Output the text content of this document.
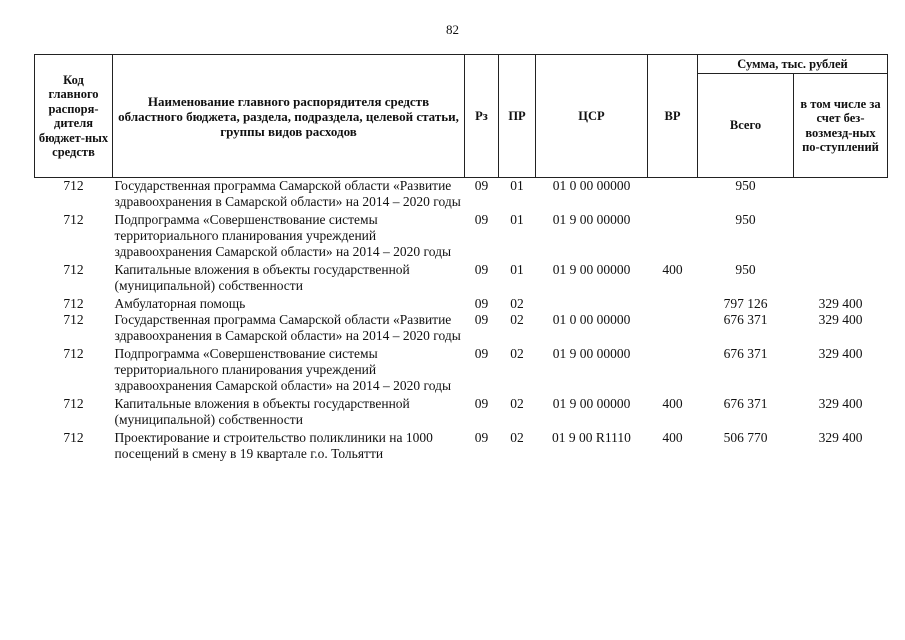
82
Код главного распоря-дителя бюджет-ных средств	Наименование главного распорядителя средств областного бюджета, раздела, подраздела, целевой статьи, группы видов расходов	Рз	ПР	ЦСР	ВР	Сумма, тыс. рублей	
						Всего	в том числе за счет без-возмезд-ных по-ступлений
712	Государственная программа Самарской области «Развитие здравоохранения в Самарской области» на 2014 – 2020 годы	09	01	01 0 00 00000		950	
712	Подпрограмма «Совершенствование системы территориального планирования учреждений здравоохранения Самарской области» на 2014 – 2020 годы	09	01	01 9 00 00000		950	
712	Капитальные вложения в объекты государственной (муниципальной) собственности	09	01	01 9 00 00000	400	950	
712	Амбулаторная помощь	09	02			797 126	329 400
712	Государственная программа Самарской области «Развитие здравоохранения в Самарской области» на 2014 – 2020 годы	09	02	01 0 00 00000		676 371	329 400
712	Подпрограмма «Совершенствование системы территориального планирования учреждений здравоохранения Самарской области» на 2014 – 2020 годы	09	02	01 9 00 00000		676 371	329 400
712	Капитальные вложения в объекты государственной (муниципальной) собственности	09	02	01 9 00 00000	400	676 371	329 400
712	Проектирование и строительство поликлиники на 1000 посещений в смену в 19 квартале г.о. Тольятти	09	02	01 9 00 R1110	400	506 770	329 400
